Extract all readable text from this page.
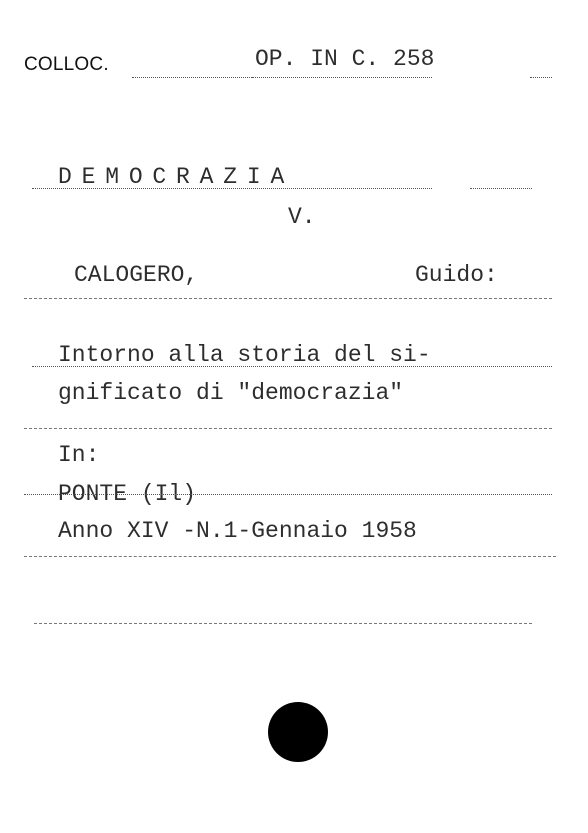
COLLOC.	OP. IN C. 258
D E M O C R A Z I A
V.
CALOGERO,	Guido:
Intorno alla storia del si-
gnificato di "democrazia"
In:
PONTE (Il)
Anno XIV -N.1-Gennaio 1958
